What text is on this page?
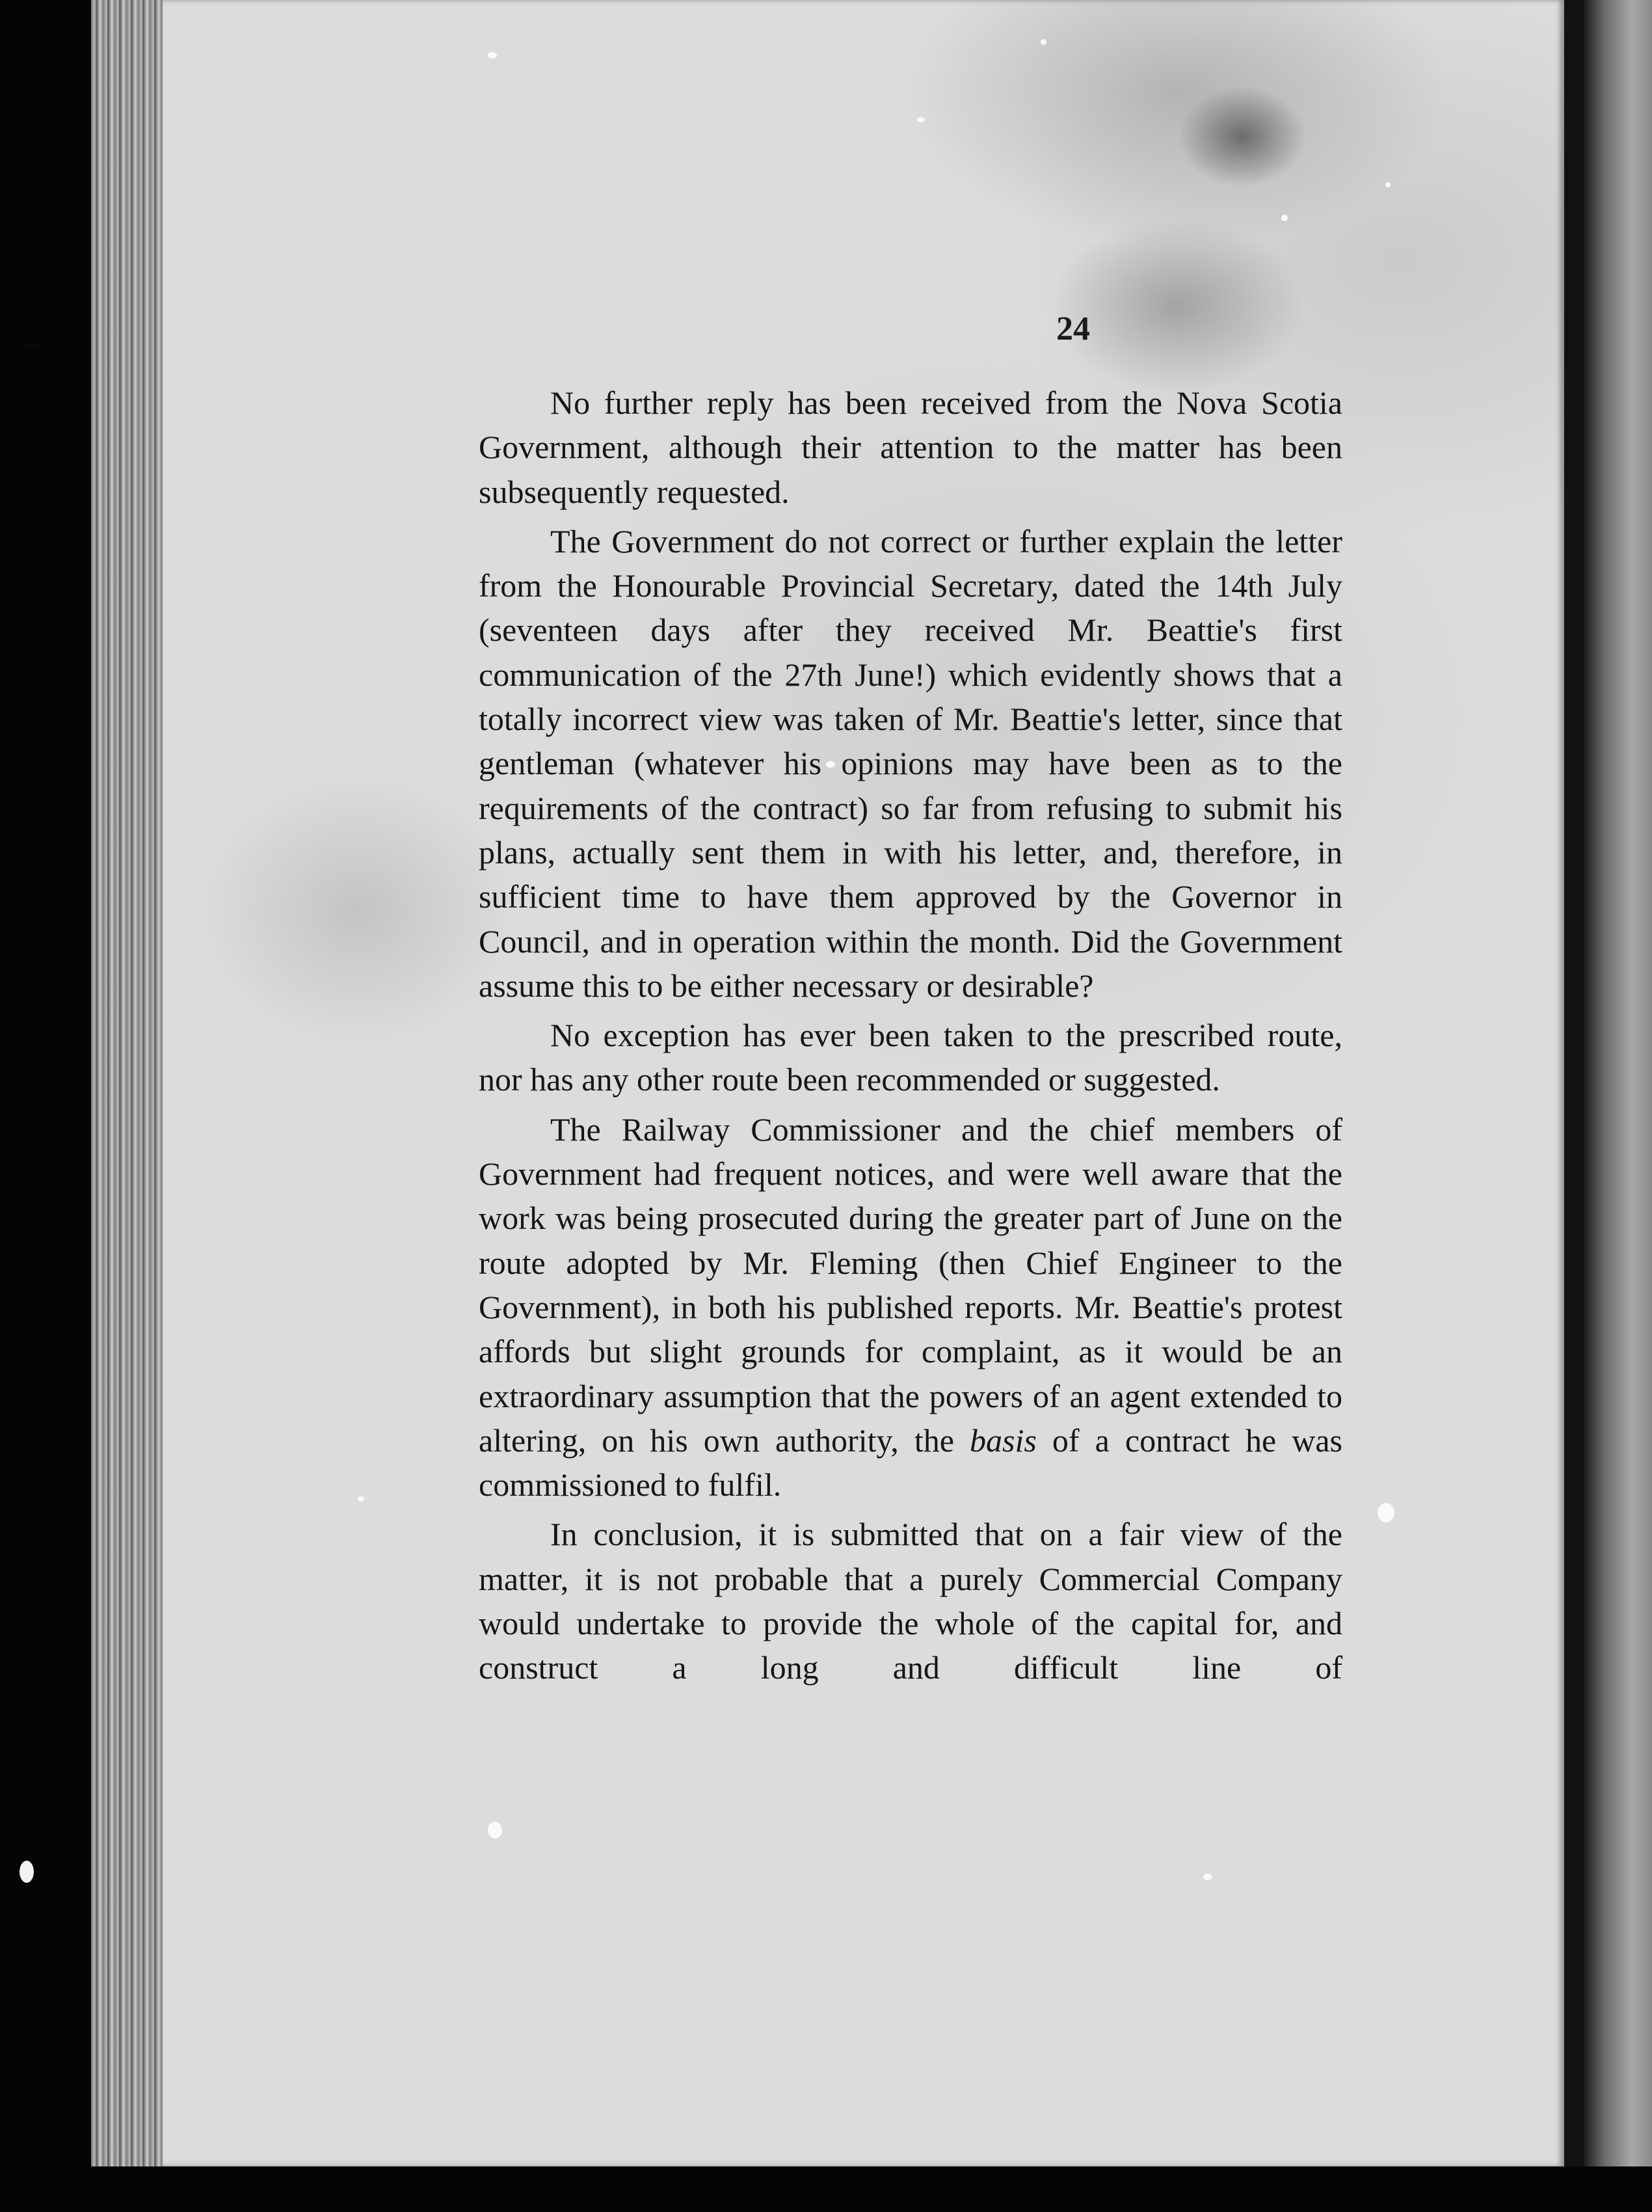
24

No further reply has been received from the Nova Scotia Government, although their attention to the matter has been subsequently requested.

The Government do not correct or further explain the letter from the Honourable Provincial Secretary, dated the 14th July (seventeen days after they received Mr. Beattie's first communication of the 27th June!) which evidently shows that a totally incorrect view was taken of Mr. Beattie's letter, since that gentleman (whatever his opinions may have been as to the requirements of the contract) so far from refusing to submit his plans, actually sent them in with his letter, and, therefore, in sufficient time to have them approved by the Governor in Council, and in operation within the month. Did the Government assume this to be either necessary or desirable?

No exception has ever been taken to the prescribed route, nor has any other route been recommended or suggested.

The Railway Commissioner and the chief members of Government had frequent notices, and were well aware that the work was being prosecuted during the greater part of June on the route adopted by Mr. Fleming (then Chief Engineer to the Government), in both his published reports. Mr. Beattie's protest affords but slight grounds for complaint, as it would be an extraordinary assumption that the powers of an agent extended to altering, on his own authority, the basis of a contract he was commissioned to fulfil.

In conclusion, it is submitted that on a fair view of the matter, it is not probable that a purely Commercial Company would undertake to provide the whole of the capital for, and construct a long and difficult line of
